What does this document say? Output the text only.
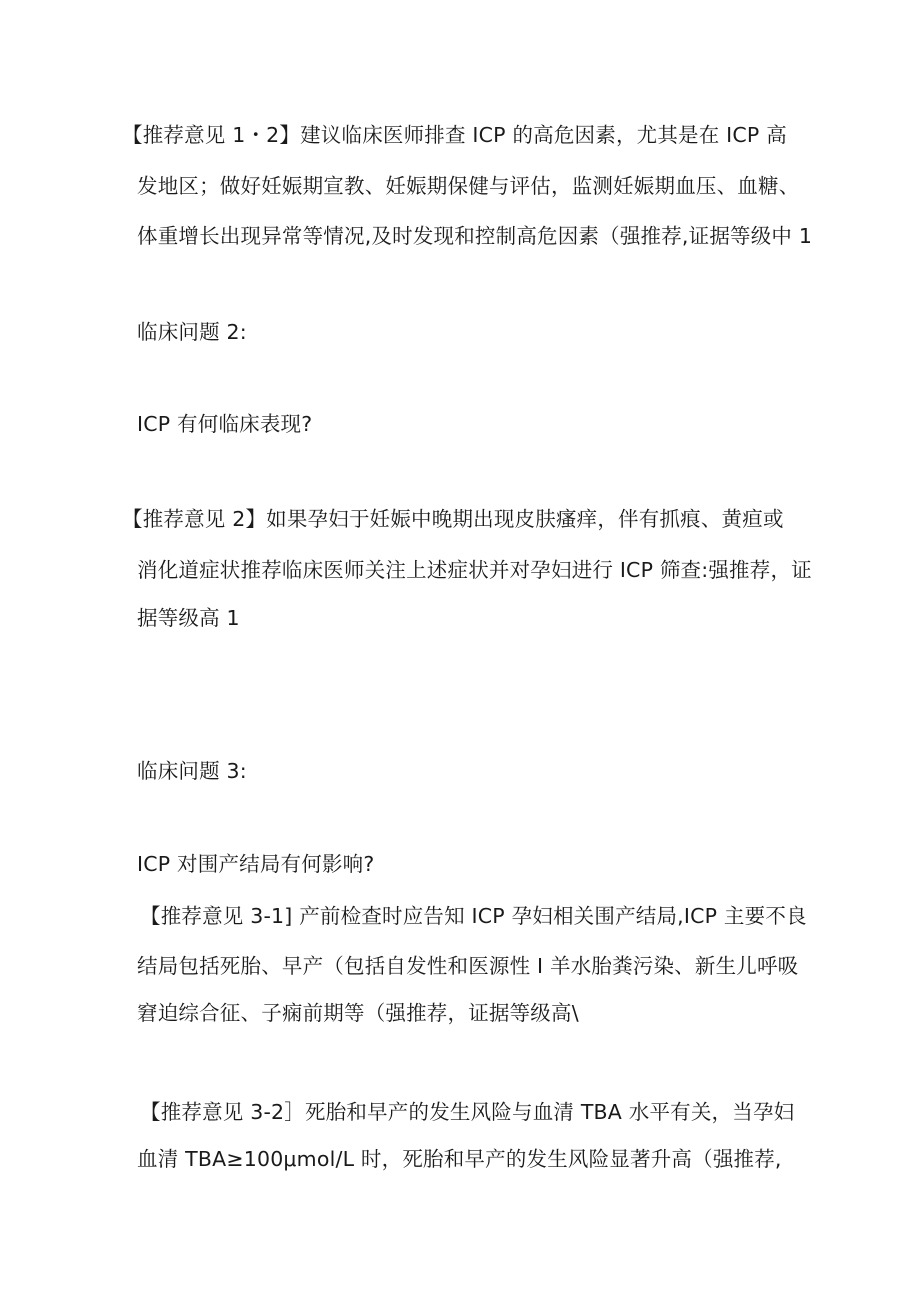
【推荐意见 1・2】建议临床医师排查 ICP 的高危因素，尤其是在 ICP 高
发地区；做好妊娠期宣教、妊娠期保健与评估，监测妊娠期血压、血糖、
体重增长出现异常等情况,及时发现和控制高危因素（强推荐,证据等级中 1
临床问题 2:
ICP 有何临床表现?
【推荐意见 2】如果孕妇于妊娠中晚期出现皮肤瘙痒，伴有抓痕、黄疸或
消化道症状推荐临床医师关注上述症状并对孕妇进行 ICP 筛查:强推荐，证
据等级高 1
临床问题 3:
ICP 对围产结局有何影响?
【推荐意见 3-1] 产前检查时应告知 ICP 孕妇相关围产结局,ICP 主要不良
结局包括死胎、早产（包括自发性和医源性 I 羊水胎粪污染、新生儿呼吸
窘迫综合征、子痫前期等（强推荐，证据等级高\
【推荐意见 3-2］死胎和早产的发生风险与血清 TBA 水平有关，当孕妇
血清 TBA≥100μmol∕L 时，死胎和早产的发生风险显著升高（强推荐,
